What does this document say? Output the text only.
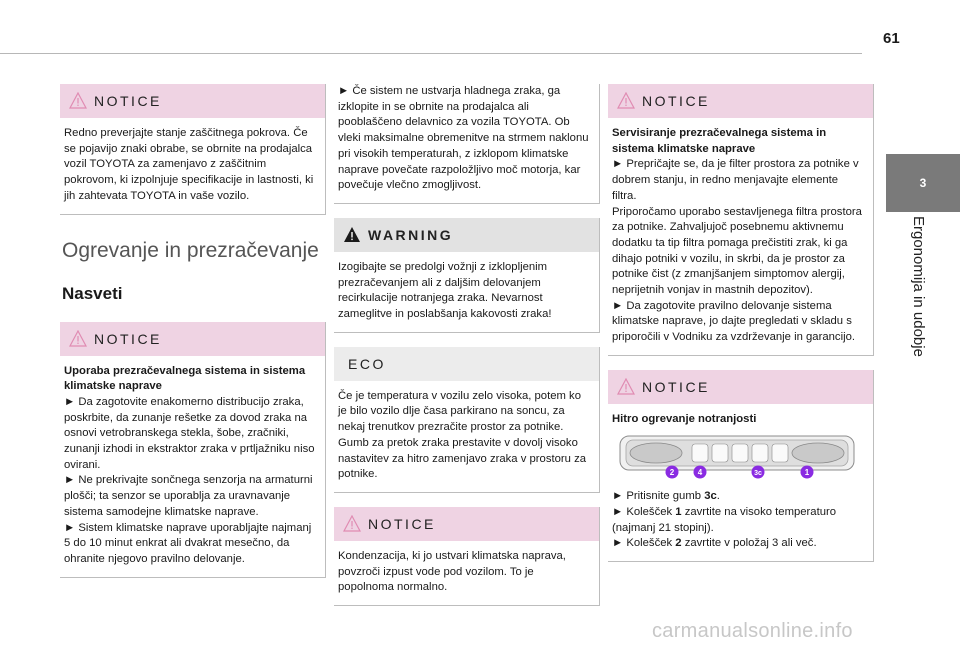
61
3
Ergonomija in udobje
NOTICE

Redno preverjajte stanje zaščitnega pokrova. Če se pojavijo znaki obrabe, se obrnite na prodajalca vozil TOYOTA za zamenjavo z zaščitnim pokrovom, ki izpolnjuje specifikacije in lastnosti, ki jih zahtevata TOYOTA in vaše vozilo.

Ogrevanje in prezračevanje
Nasveti
NOTICE

Uporaba prezračevalnega sistema in sistema klimatske naprave

► Da zagotovite enakomerno distribucijo zraka, poskrbite, da zunanje rešetke za dovod zraka na osnovi vetrobranskega stekla, šobe, zračniki, zunanji izhodi in ekstraktor zraka v prtljažniku niso ovirani.

► Ne prekrivajte sončnega senzorja na armaturni plošči; ta senzor se uporablja za uravnavanje sistema samodejne klimatske naprave.

► Sistem klimatske naprave uporabljajte najmanj 5 do 10 minut enkrat ali dvakrat mesečno, da ohranite njegovo pravilno delovanje.

► Če sistem ne ustvarja hladnega zraka, ga izklopite in se obrnite na prodajalca ali pooblaščeno delavnico za vozila TOYOTA. Ob vleki maksimalne obremenitve na strmem naklonu pri visokih temperaturah, z izklopom klimatske naprave povečate razpoložljivo moč motorja, kar povečuje vlečno zmogljivost.

WARNING

Izogibajte se predolgi vožnji z izklopljenim prezračevanjem ali z daljšim delovanjem recirkulacije notranjega zraka. Nevarnost zameglitve in poslabšanja kakovosti zraka!

ECO

Če je temperatura v vozilu zelo visoka, potem ko je bilo vozilo dlje časa parkirano na soncu, za nekaj trenutkov prezračite prostor za potnike.

Gumb za pretok zraka prestavite v dovolj visoko nastavitev za hitro zamenjavo zraka v prostoru za potnike.

NOTICE

Kondenzacija, ki jo ustvari klimatska naprava, povzroči izpust vode pod vozilom. To je popolnoma normalno.

NOTICE

Servisiranje prezračevalnega sistema in sistema klimatske naprave

► Prepričajte se, da je filter prostora za potnike v dobrem stanju, in redno menjavajte elemente filtra.

Priporočamo uporabo sestavljenega filtra prostora za potnike. Zahvaljujoč posebnemu aktivnemu dodatku ta tip filtra pomaga prečistiti zrak, ki ga dihajo potniki v vozilu, in skrbi, da je prostor za potnike čist (z zmanjšanjem simptomov alergij, neprijetnih vonjav in mastnih depozitov).

► Da zagotovite pravilno delovanje sistema klimatske naprave, jo dajte pregledati v skladu s priporočili v Vodniku za vzdrževanje in garancijo.

NOTICE

Hitro ogrevanje notranjosti

2	4	3c	1

► Pritisnite gumb 3c.

► Kolešček 1 zavrtite na visoko temperaturo (najmanj 21 stopinj).

► Kolešček 2 zavrtite v položaj 3 ali več.

carmanualsonline.info
